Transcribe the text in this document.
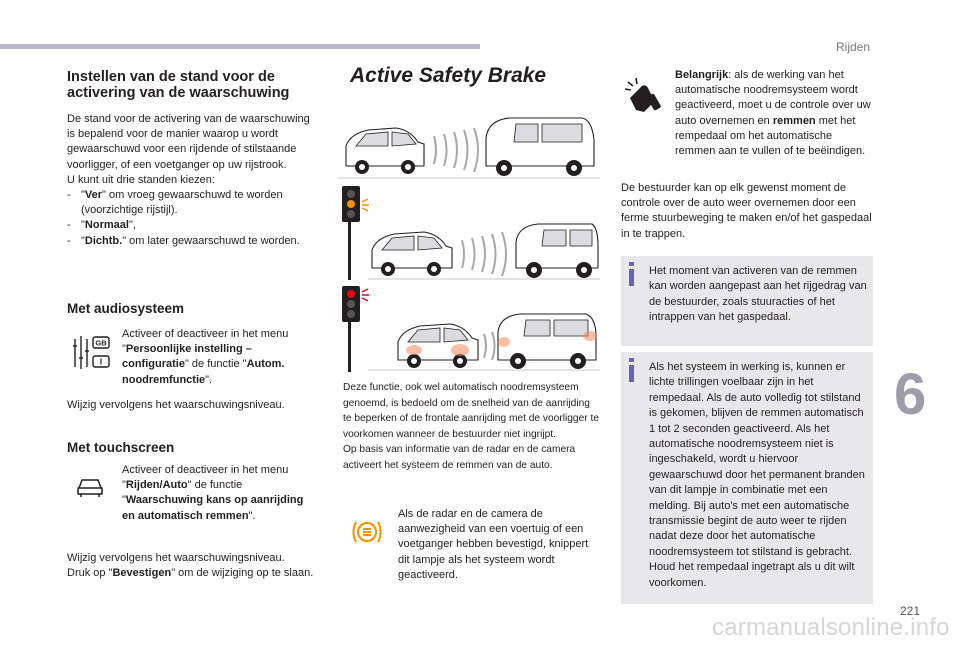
Rijden
6
221
carmanualsonline.info
Instellen van de stand voor de activering van de waarschuwing

De stand voor de activering van de waarschuwing is bepalend voor de manier waarop u wordt gewaarschuwd voor een rijdende of stilstaande voorligger, of een voetganger op uw rijstrook.

U kunt uit drie standen kiezen:

- "Ver" om vroeg gewaarschuwd te worden (voorzichtige rijstijl).
- "Normaal",
- "Dichtb." om later gewaarschuwd te worden.
Met audiosysteem
GB
I
Activeer of deactiveer in het menu "Persoonlijke instelling – configuratie" de functie "Autom. noodremfunctie".
Wijzig vervolgens het waarschuwingsniveau.
Met touchscreen
Activeer of deactiveer in het menu "Rijden/Auto" de functie "Waarschuwing kans op aanrijding en automatisch remmen".

Wijzig vervolgens het waarschuwingsniveau.

Druk op "Bevestigen" om de wijziging op te slaan.

Active Safety Brake

Deze functie, ook wel automatisch noodremsysteem genoemd, is bedoeld om de snelheid van de aanrijding te beperken of de frontale aanrijding met de voorligger te voorkomen wanneer de bestuurder niet ingrijpt.

Op basis van informatie van de radar en de camera activeert het systeem de remmen van de auto.

Als de radar en de camera de aanwezigheid van een voertuig of een voetganger hebben bevestigd, knippert dit lampje als het systeem wordt geactiveerd.
Belangrijk: als de werking van het automatische noodremsysteem wordt geactiveerd, moet u de controle over uw auto overnemen en remmen met het rempedaal om het automatische remmen aan te vullen of te beëindigen.
De bestuurder kan op elk gewenst moment de controle over de auto weer overnemen door een ferme stuurbeweging te maken en/of het gaspedaal in te trappen.
Het moment van activeren van de remmen kan worden aangepast aan het rijgedrag van de bestuurder, zoals stuuracties of het intrappen van het gaspedaal.
Als het systeem in werking is, kunnen er lichte trillingen voelbaar zijn in het rempedaal. Als de auto volledig tot stilstand is gekomen, blijven de remmen automatisch 1 tot 2 seconden geactiveerd. Als het automatische noodremsysteem niet is ingeschakeld, wordt u hiervoor gewaarschuwd door het permanent branden van dit lampje in combinatie met een melding. Bij auto's met een automatische transmissie begint de auto weer te rijden nadat deze door het automatische noodremsysteem tot stilstand is gebracht. Houd het rempedaal ingetrapt als u dit wilt voorkomen.
